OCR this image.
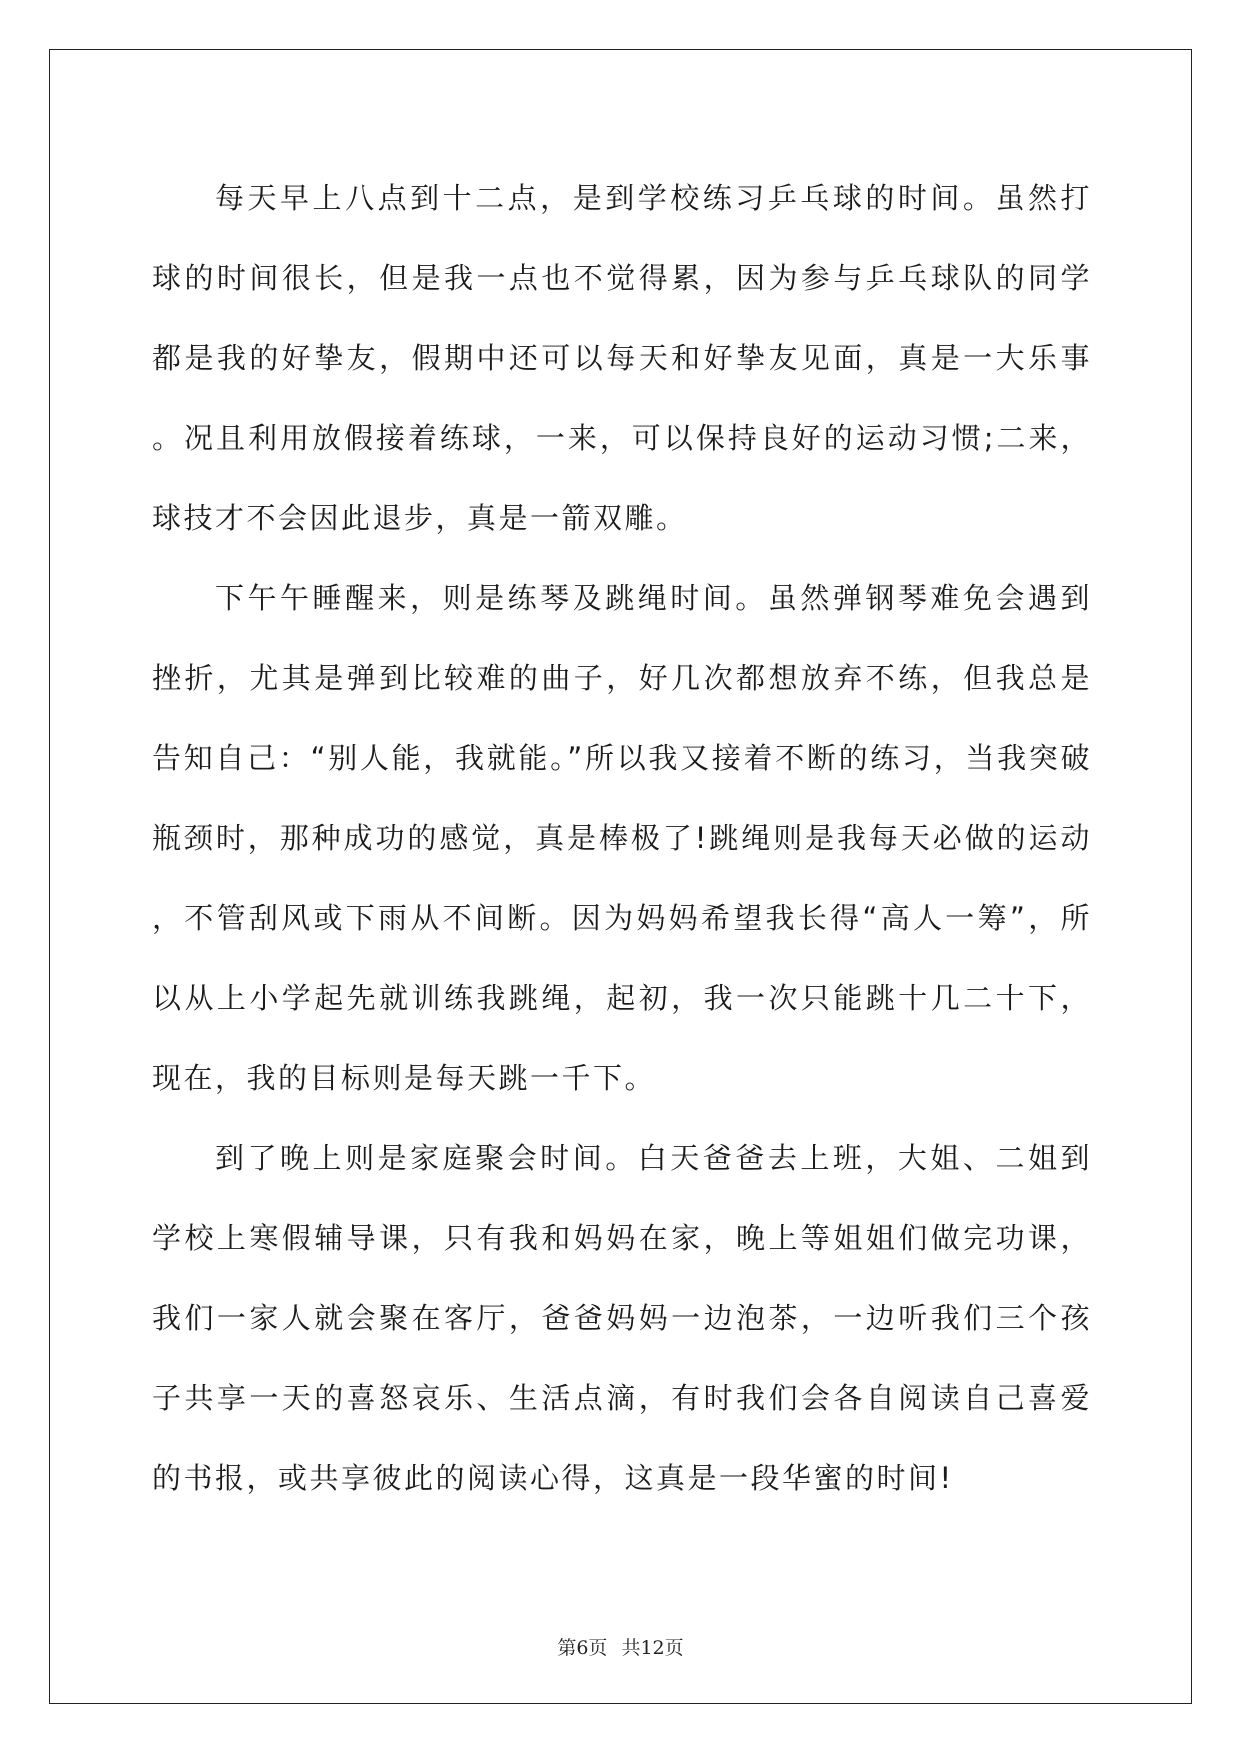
每天早上八点到十二点，是到学校练习乒乓球的时间。虽然打球的时间很长，但是我一点也不觉得累，因为参与乒乓球队的同学都是我的好挚友，假期中还可以每天和好挚友见面，真是一大乐事。况且利用放假接着练球，一来，可以保持良好的运动习惯;二来，球技才不会因此退步，真是一箭双雕。

下午午睡醒来，则是练琴及跳绳时间。虽然弹钢琴难免会遇到挫折，尤其是弹到比较难的曲子，好几次都想放弃不练，但我总是告知自己：“别人能，我就能。”所以我又接着不断的练习，当我突破瓶颈时，那种成功的感觉，真是棒极了!跳绳则是我每天必做的运动，不管刮风或下雨从不间断。因为妈妈希望我长得“高人一筹”，所以从上小学起先就训练我跳绳，起初，我一次只能跳十几二十下，现在，我的目标则是每天跳一千下。

到了晚上则是家庭聚会时间。白天爸爸去上班，大姐、二姐到学校上寒假辅导课，只有我和妈妈在家，晚上等姐姐们做完功课，我们一家人就会聚在客厅，爸爸妈妈一边泡茶，一边听我们三个孩子共享一天的喜怒哀乐、生活点滴，有时我们会各自阅读自己喜爱的书报，或共享彼此的阅读心得，这真是一段华蜜的时间!

第6页 共12页
